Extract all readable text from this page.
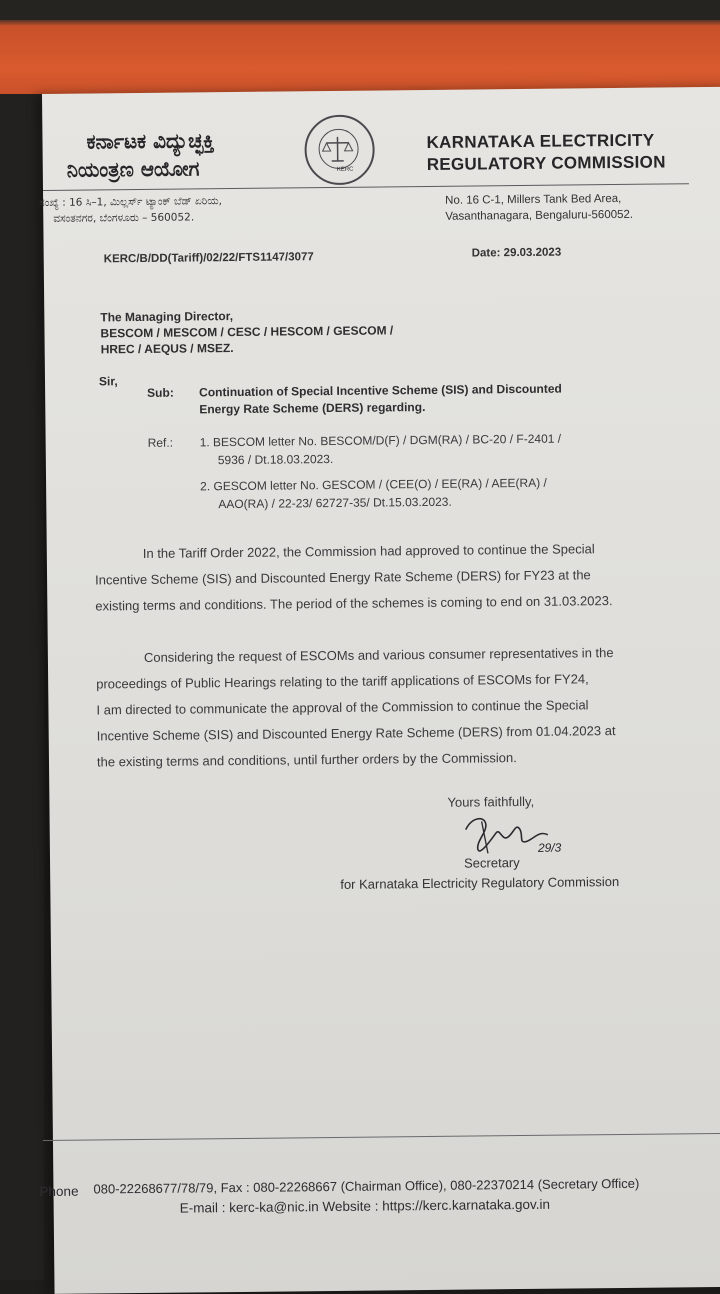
ಕರ್ನಾಟಕ ವಿದ್ಯುಚ್ಛಕ್ತಿ
ನಿಯಂತ್ರಣ ಆಯೋಗ	KERC
KARNATAKA ELECTRICITY
REGULATORY COMMISSION
ಸಂಖ್ಯೆ : 16 ಸಿ–1, ಮಿಲ್ಲರ್ಸ್ ಟ್ಯಾಂಕ್ ಬೆಡ್ ಏರಿಯ,
ವಸಂತನಗರ, ಬೆಂಗಳೂರು – 560052.
No. 16 C-1, Millers Tank Bed Area,
Vasanthanagara, Bengaluru-560052.
KERC/B/DD(Tariff)/02/22/FTS1147/3077	Date: 29.03.2023
The Managing Director,
BESCOM / MESCOM / CESC / HESCOM / GESCOM /
HREC / AEQUS / MSEZ.
Sir,
Sub: Continuation of Special Incentive Scheme (SIS) and Discounted
Energy Rate Scheme (DERS) regarding.
Ref.: 1. BESCOM letter No. BESCOM/D(F) / DGM(RA) / BC-20 / F-2401 /
5936 / Dt.18.03.2023.
2. GESCOM letter No. GESCOM / (CEE(O) / EE(RA) / AEE(RA) /
AAO(RA) / 22-23/ 62727-35/ Dt.15.03.2023.
In the Tariff Order 2022, the Commission had approved to continue the Special
Incentive Scheme (SIS) and Discounted Energy Rate Scheme (DERS) for FY23 at the
existing terms and conditions. The period of the schemes is coming to end on 31.03.2023.
Considering the request of ESCOMs and various consumer representatives in the
proceedings of Public Hearings relating to the tariff applications of ESCOMs for FY24,
I am directed to communicate the approval of the Commission to continue the Special
Incentive Scheme (SIS) and Discounted Energy Rate Scheme (DERS) from 01.04.2023 at
the existing terms and conditions, until further orders by the Commission.
Yours faithfully,
29/3
Secretary
for Karnataka Electricity Regulatory Commission
Phone 080-22268677/78/79, Fax : 080-22268667 (Chairman Office), 080-22370214 (Secretary Office)
E-mail : kerc-ka@nic.in Website : https://kerc.karnataka.gov.in
